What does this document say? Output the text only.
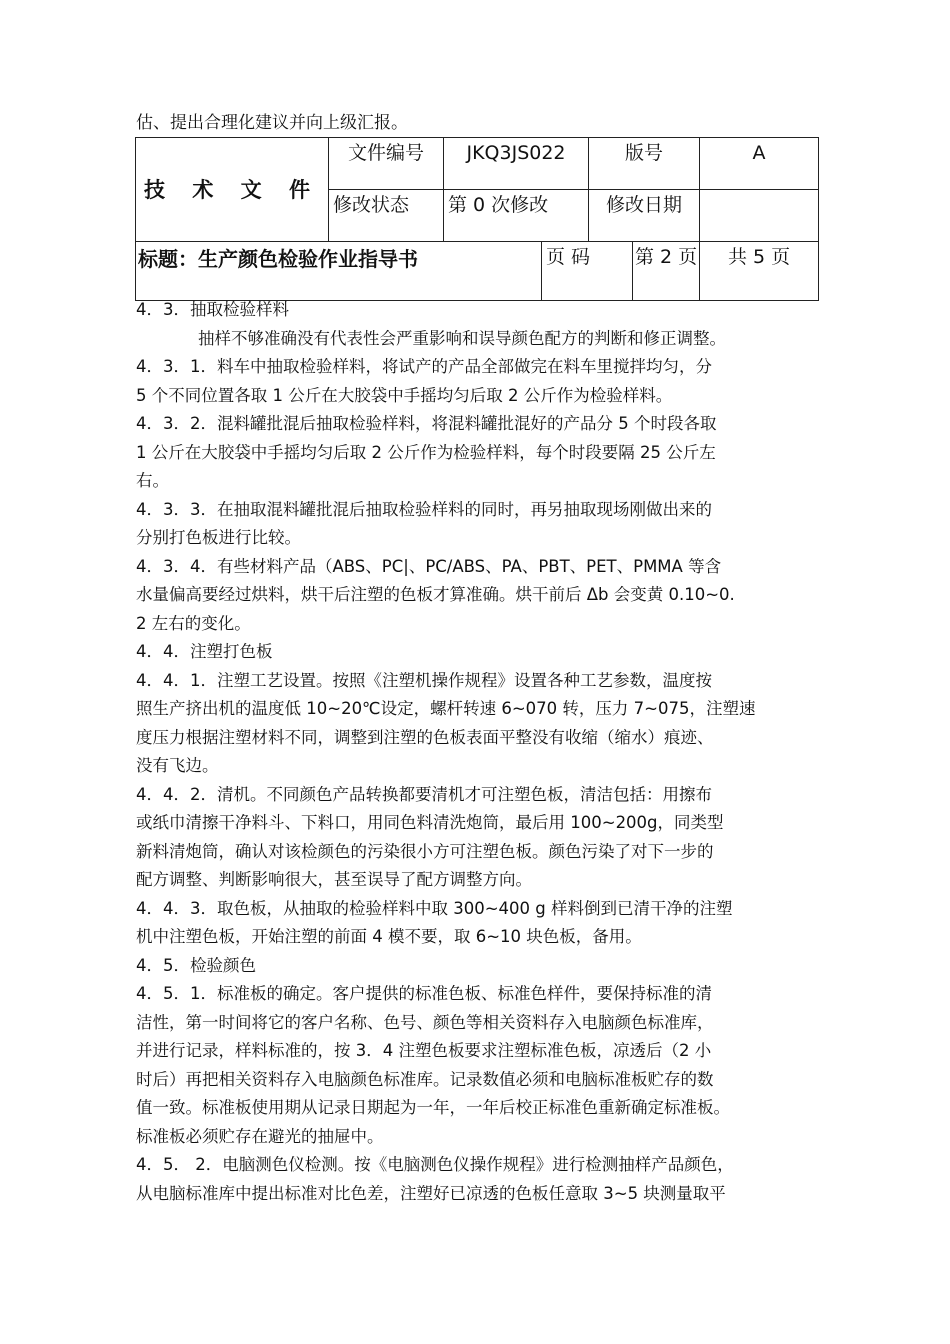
估、提出合理化建议并向上级汇报。
技 术 文 件	文件编号	JKQ3JS022		版号		A
	修改状态	第 0 次修改		修改日期		
标题：生产颜色检验作业指导书			页 码		第 2 页	共 5 页

4．3．抽取检验样料

抽样不够准确没有代表性会严重影响和误导颜色配方的判断和修正调整。

4．3．1．料车中抽取检验样料，将试产的产品全部做完在料车里搅拌均匀，分

5 个不同位置各取 1 公斤在大胶袋中手摇均匀后取 2 公斤作为检验样料。

4．3．2．混料罐批混后抽取检验样料，将混料罐批混好的产品分 5 个时段各取

1 公斤在大胶袋中手摇均匀后取 2 公斤作为检验样料，每个时段要隔 25 公斤左

右。

4．3．3．在抽取混料罐批混后抽取检验样料的同时，再另抽取现场刚做出来的

分别打色板进行比较。

4．3．4．有些材料产品（ABS、PC|、PC/ABS、PA、PBT、PET、PMMA 等含

水量偏高要经过烘料，烘干后注塑的色板才算准确。烘干前后 Δb 会变黄 0.10~0.

2 左右的变化。

4．4．注塑打色板

4．4．1．注塑工艺设置。按照《注塑机操作规程》设置各种工艺参数，温度按

照生产挤出机的温度低 10~20℃设定，螺杆转速 6~070 转，压力 7~075，注塑速

度压力根据注塑材料不同，调整到注塑的色板表面平整没有收缩（缩水）痕迹、

没有飞边。

4．4．2．清机。不同颜色产品转换都要清机才可注塑色板，清洁包括：用擦布

或纸巾清擦干净料斗、下料口，用同色料清洗炮筒，最后用 100~200g，同类型

新料清炮筒，确认对该检颜色的污染很小方可注塑色板。颜色污染了对下一步的

配方调整、判断影响很大，甚至误导了配方调整方向。

4．4．3．取色板，从抽取的检验样料中取 300~400 g 样料倒到已清干净的注塑

机中注塑色板，开始注塑的前面 4 模不要，取 6~10 块色板，备用。

4．5．检验颜色

4．5．1．标准板的确定。客户提供的标准色板、标准色样件，要保持标准的清

洁性，第一时间将它的客户名称、色号、颜色等相关资料存入电脑颜色标准库，

并进行记录，样料标准的，按 3．4 注塑色板要求注塑标准色板，凉透后（2 小

时后）再把相关资料存入电脑颜色标准库。记录数值必须和电脑标准板贮存的数

值一致。标准板使用期从记录日期起为一年，一年后校正标准色重新确定标准板。

标准板必须贮存在避光的抽屉中。

4．5． 2．电脑测色仪检测。按《电脑测色仪操作规程》进行检测抽样产品颜色，

从电脑标准库中提出标准对比色差，注塑好已凉透的色板任意取 3~5 块测量取平
